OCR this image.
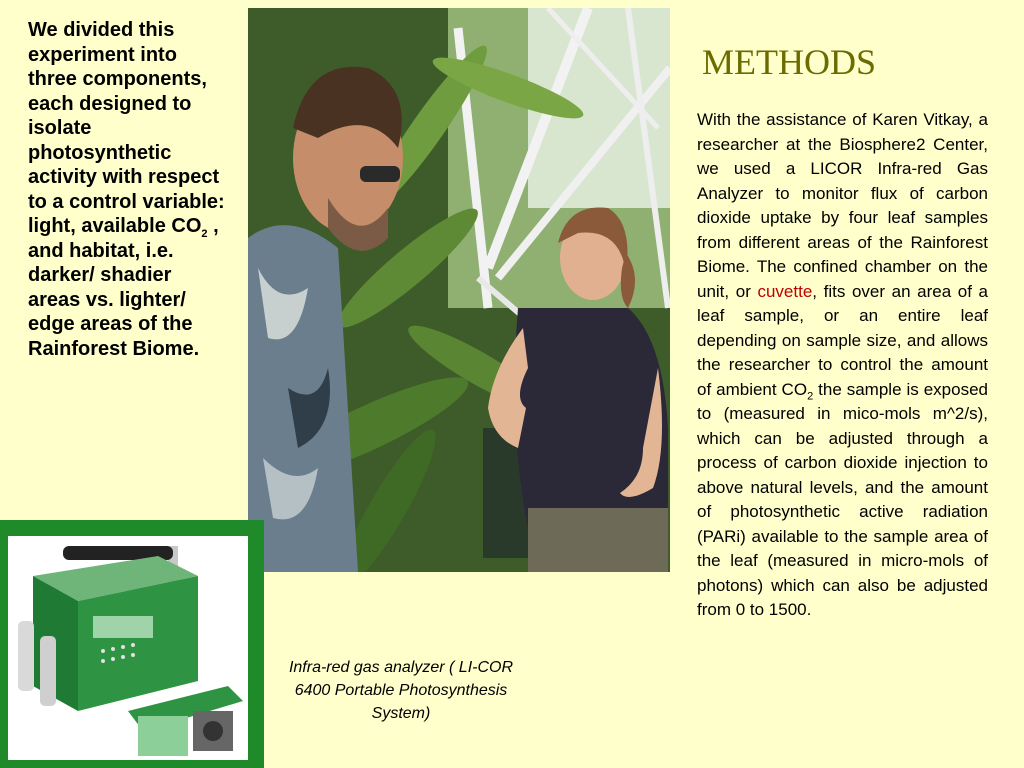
We divided this experiment into three components, each designed to isolate photosynthetic activity with respect to a control variable: light, available $CO_2$ , and habitat, i.e. darker/ shadier areas vs. lighter/ edge areas of the Rainforest Biome.
Infra-red gas analyzer ( LI-COR 6400 Portable Photosynthesis System)
METHODS
With the assistance of Karen Vitkay, a researcher at the Biosphere2 Center, we used a LICOR Infra-red Gas Analyzer to monitor flux of carbon dioxide uptake by four leaf samples from different areas of the Rainforest Biome. The confined chamber on the unit, or cuvette, fits over an area of a leaf sample, or an entire leaf depending on sample size, and allows the researcher to control the amount of ambient $CO_2$ the sample is exposed to (measured in mico-mols m^2/s), which can be adjusted through a process of carbon dioxide injection to above natural levels, and the amount of photosynthetic active radiation (PARi) available to the sample area of the leaf (measured in micro-mols of photons) which can also be adjusted from 0 to 1500.
